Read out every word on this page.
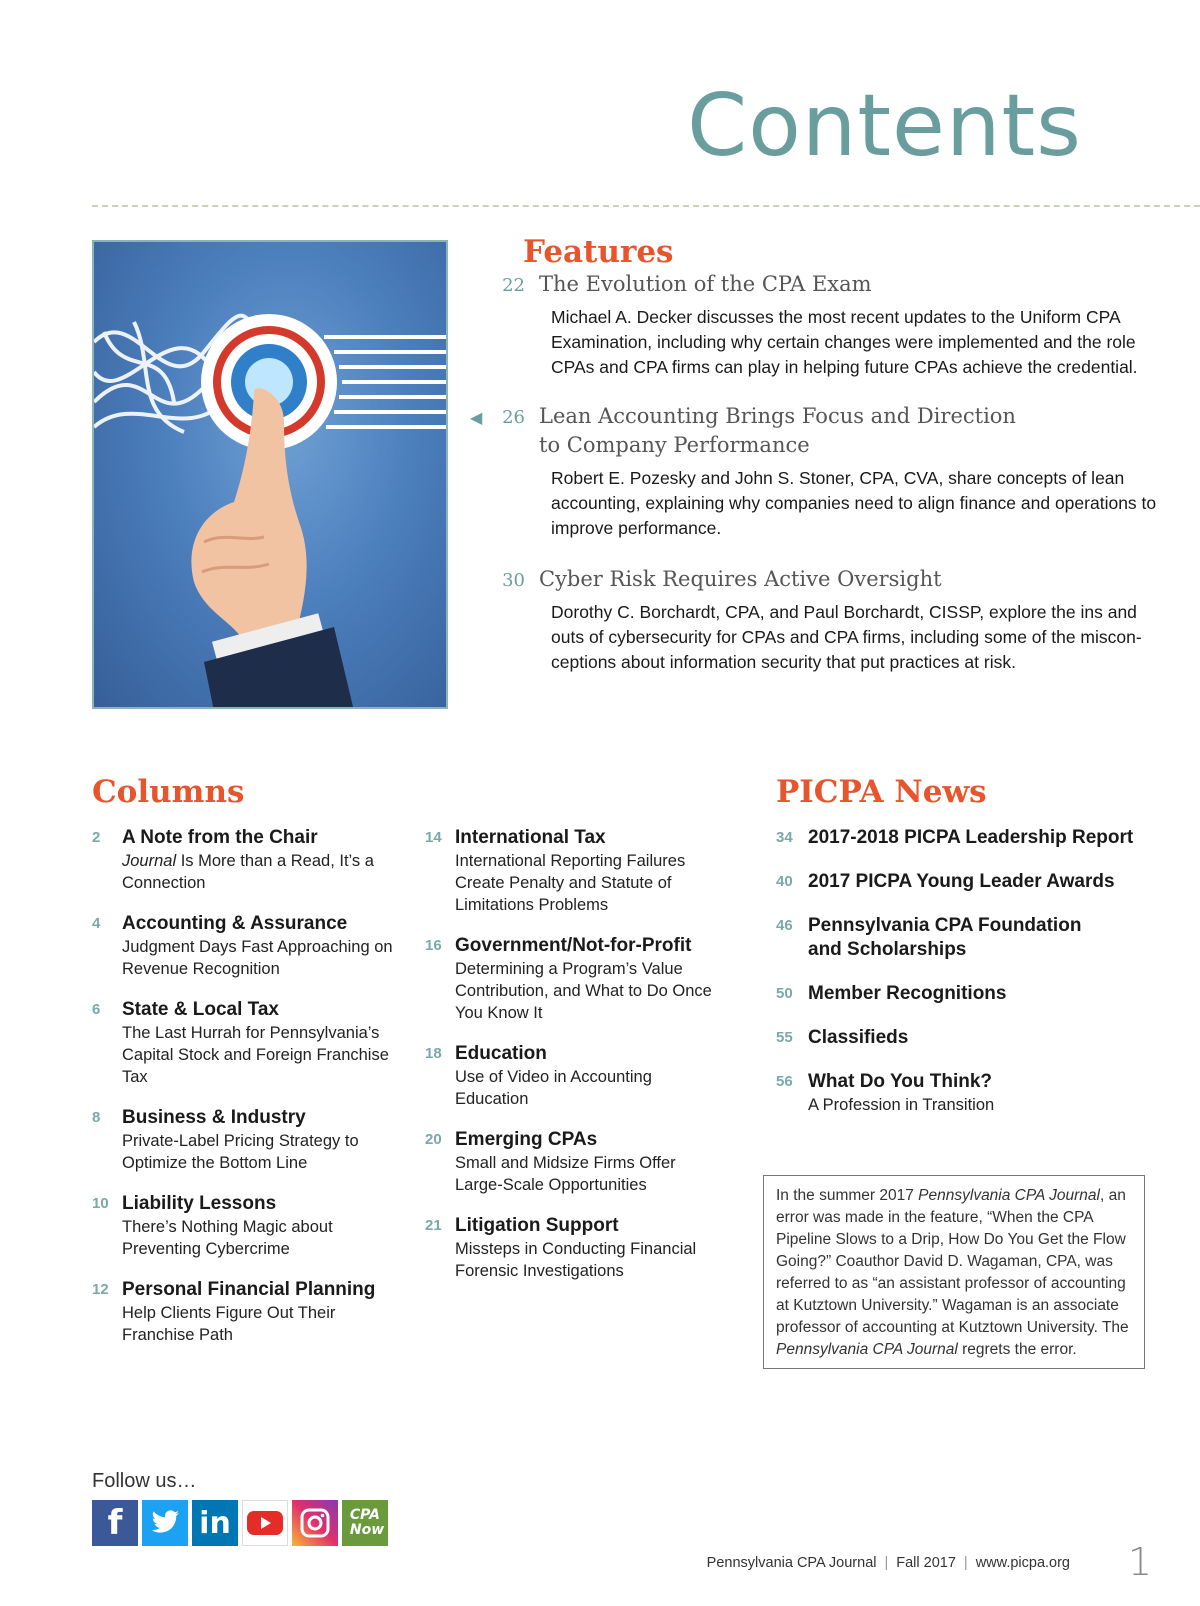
Contents
Features
22 The Evolution of the CPA Exam
Michael A. Decker discusses the most recent updates to the Uniform CPA Examination, including why certain changes were implemented and the role CPAs and CPA firms can play in helping future CPAs achieve the credential.
◀	26 Lean Accounting Brings Focus and Direction to Company Performance
Robert E. Pozesky and John S. Stoner, CPA, CVA, share concepts of lean accounting, explaining why companies need to align finance and operations to improve performance.
30 Cyber Risk Requires Active Oversight
Dorothy C. Borchardt, CPA, and Paul Borchardt, CISSP, explore the ins and outs of cybersecurity for CPAs and CPA firms, including some of the miscon-ceptions about information security that put practices at risk.
Columns
2	A Note from the Chair
Journal Is More than a Read, It’s a Connection
4	Accounting & Assurance
Judgment Days Fast Approaching on Revenue Recognition
6	State & Local Tax
The Last Hurrah for Pennsylvania’s Capital Stock and Foreign Franchise Tax
8	Business & Industry
Private-Label Pricing Strategy to Optimize the Bottom Line
10 Liability Lessons
There’s Nothing Magic about Preventing Cybercrime
12 Personal Financial Planning
Help Clients Figure Out Their Franchise Path
14 International Tax
International Reporting Failures Create Penalty and Statute of Limitations Problems
16 Government/Not-for-Profit
Determining a Program’s Value Contribution, and What to Do Once You Know It
18 Education
Use of Video in Accounting Education
20 Emerging CPAs
Small and Midsize Firms Offer Large-Scale Opportunities
21 Litigation Support
Missteps in Conducting Financial Forensic Investigations
PICPA News
34 2017-2018 PICPA Leadership Report
40 2017 PICPA Young Leader Awards
46 Pennsylvania CPA Foundation and Scholarships
50 Member Recognitions
55 Classifieds
56 What Do You Think?
A Profession in Transition
In the summer 2017 Pennsylvania CPA Journal, an error was made in the feature, “When the CPA Pipeline Slows to a Drip, How Do You Get the Flow Going?” Coauthor David D. Wagaman, CPA, was referred to as “an assistant professor of accounting at Kutztown University.” Wagaman is an associate professor of accounting at Kutztown University. The Pennsylvania CPA Journal regrets the error.
Follow us…
f	in	CPA
Now
Pennsylvania CPA Journal | Fall 2017 | www.picpa.org 1
